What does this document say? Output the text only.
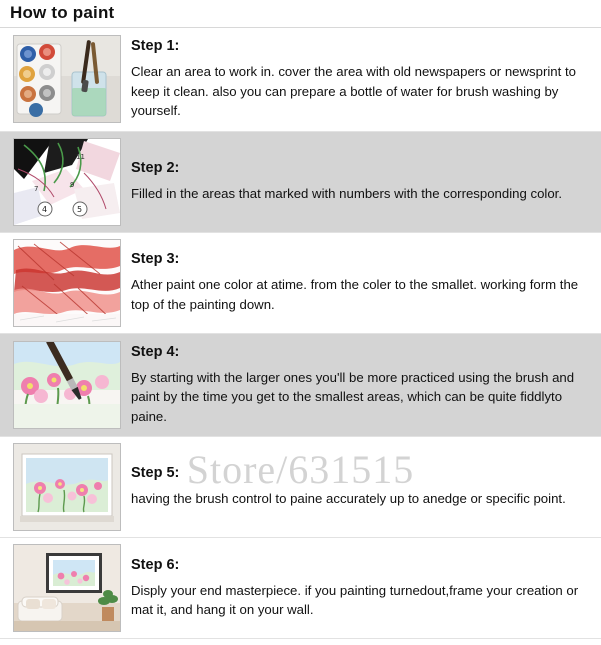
How to paint
Step 1:
Clear an area to work in. cover the area with old newspapers or newsprint to keep it clean. also you can prepare a bottle of water for brush washing by yourself.
11
9
7
4	5
Step 2:
Filled in the areas that marked with numbers with the corresponding color.
Step 3:
Ather paint one color at atime. from the coler to the smallet. working form the top of the painting down.
Step 4:
By starting with the larger ones you'll be more practiced using the brush and paint by the time you get to the smallest areas, which can be quite fiddlyto paine.
Step 5:
having the brush control to paine accurately up to anedge or specific point.
Step 6:
Disply your end masterpiece. if you painting turnedout,frame your creation or mat it, and hang it on your wall.
Store/631515
